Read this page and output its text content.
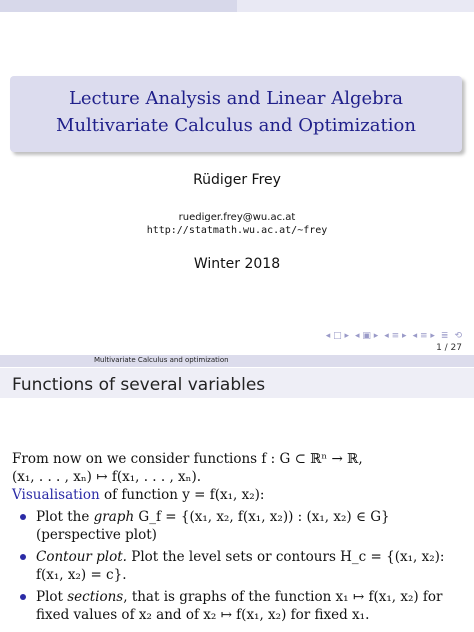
Lecture Analysis and Linear Algebra
Multivariate Calculus and Optimization
Rüdiger Frey
ruediger.frey@wu.ac.at
http://statmath.wu.ac.at/~frey
Winter 2018
◂ □ ▸ ◂ ▣ ▸ ◂ ≡ ▸ ◂ ≡ ▸ ≣ ⟲
1 / 27
Multivariate Calculus and optimization
Functions of several variables
From now on we consider functions f : G ⊂ ℝⁿ → ℝ,
(x₁, . . . , xₙ) ↦ f(x₁, . . . , xₙ).
Visualisation of function y = f(x₁, x₂):
Plot the graph G_f = {(x₁, x₂, f(x₁, x₂)) : (x₁, x₂) ∈ G} (perspective plot)
Contour plot. Plot the level sets or contours H_c = {(x₁, x₂): f(x₁, x₂) = c}.
Plot sections, that is graphs of the function x₁ ↦ f(x₁, x₂) for fixed values of x₂ and of x₂ ↦ f(x₁, x₂) for fixed x₁.
